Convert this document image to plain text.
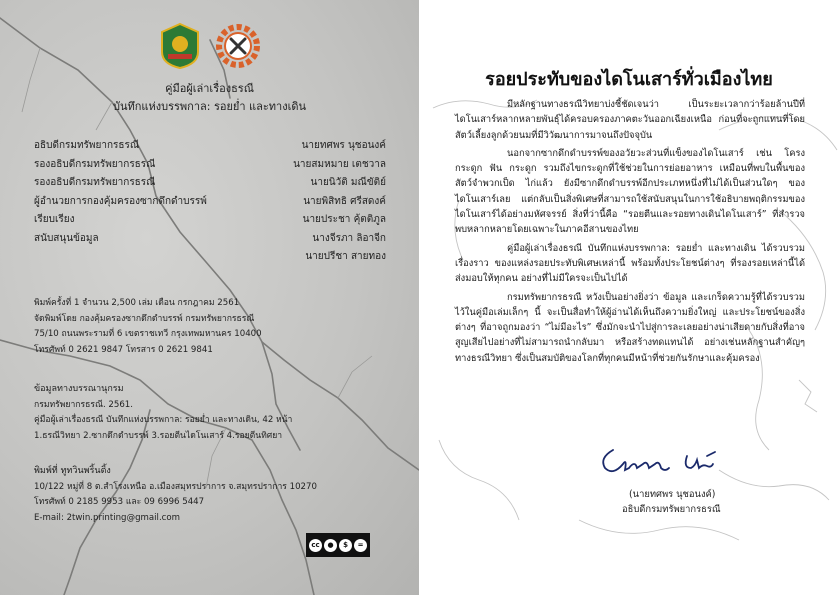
คู่มือผู้เล่าเรื่องธรณี
บันทึกแห่งบรรพกาล: รอยย่ำ และทางเดิน
อธิบดีกรมทรัพยากรธรณี	นายทศพร นุชอนงค์
รองอธิบดีกรมทรัพยากรธรณี	นายสมหมาย เตชวาล
รองอธิบดีกรมทรัพยากรธรณี	นายนิวัติ มณีขัติย์
ผู้อำนวยการกองคุ้มครองซากดึกดำบรรพ์	นายพิสิทธิ ศรีสดงค์
เรียบเรียง	นายประชา คุ้ตติภูล
สนับสนุนข้อมูล	นางจีรภา ลิอาจีก
นายปรีชา สายทอง
พิมพ์ครั้งที่ 1 จำนวน 2,500 เล่ม เดือน กรกฎาคม 2561
จัดพิมพ์โดย กองคุ้มครองซากดึกดำบรรพ์ กรมทรัพยากรธรณี
75/10 ถนนพระรามที่ 6 เขตราชเทวี กรุงเทพมหานคร 10400
โทรศัพท์ 0 2621 9847 โทรสาร 0 2621 9841
ข้อมูลทางบรรณานุกรม
กรมทรัพยากรธรณี. 2561.
คู่มือผู้เล่าเรื่องธรณี บันทึกแห่งบรรพกาล: รอยย่ำ และทางเดิน, 42 หน้า
1.ธรณีวิทยา 2.ซากดึกดำบรรพ์ 3.รอยตีนไดโนเสาร์ 4.รอยตีนทิศยา
พิมพ์ที่ ทูทวินพริ้นติ้ง
10/122 หมู่ที่ 8 ต.สำโรงเหนือ อ.เมืองสมุทรปราการ จ.สมุทรปราการ 10270
โทรศัพท์ 0 2185 9953 และ 09 6996 5447
E-mail: 2twin.printing@gmail.com
cc	●	$	=
รอยประทับของไดโนเสาร์ทั่วเมืองไทย

มีหลักฐานทางธรณีวิทยาบ่งชี้ชัดเจนว่า เป็นระยะเวลากว่าร้อยล้านปีที่ไดโนเสาร์หลากหลายพันธุ์ได้ครอบครองภาคตะวันออกเฉียงเหนือ ก่อนที่จะถูกแทนที่โดยสัตว์เลี้ยงลูกด้วยนมที่มีวิวัฒนาการมาจนถึงปัจจุบัน

นอกจากซากดึกดำบรรพ์ของอวัยวะส่วนที่แข็งของไดโนเสาร์ เช่น โครงกระดูก ฟัน กระดูก รวมถึงไขกระดูกที่ใช้ช่วยในการย่อยอาหาร เหมือนที่พบในพื้นของสัตว์จำพวกเป็ด ไก่แล้ว ยังมีซากดึกดำบรรพ์อีกประเภทหนึ่งที่ไม่ได้เป็นส่วนใดๆ ของไดโนเสาร์เลย แต่กลับเป็นสิ่งพิเศษที่สามารถใช้สนับสนุนในการใช้อธิบายพฤติกรรมของไดโนเสาร์ได้อย่างมหัศจรรย์ สิ่งที่ว่านี้คือ “รอยตีนและรอยทางเดินไดโนเสาร์” ที่สำรวจพบหลากหลายโดยเฉพาะในภาคอีสานของไทย

คู่มือผู้เล่าเรื่องธรณี บันทึกแห่งบรรพกาล: รอยย่ำ และทางเดิน ได้รวบรวมเรื่องราว ของแหล่งรอยประทับพิเศษเหล่านี้ พร้อมทั้งประโยชน์ต่างๆ ที่รองรอยเหล่านี้ได้ส่งมอบให้ทุกคน อย่างที่ไม่มีใครจะเป็นไปได้

กรมทรัพยากรธรณี หวังเป็นอย่างยิ่งว่า ข้อมูล และเกร็ดความรู้ที่ได้รวบรวมไว้ในคู่มือเล่มเล็กๆ นี้ จะเป็นสื่อทำให้ผู้อ่านได้เห็นถึงความยิ่งใหญ่ และประโยชน์ของสิ่งต่างๆ ที่อาจถูกมองว่า “ไม่มีอะไร” ซึ่งมักจะนำไปสู่การละเลยอย่างน่าเสียดายกับสิ่งที่อาจสูญเสียไปอย่างที่ไม่สามารถนำกลับมา หรือสร้างทดแทนได้ อย่างเช่นหลักฐานสำคัญๆ ทางธรณีวิทยา ซึ่งเป็นสมบัติของโลกที่ทุกคนมีหน้าที่ช่วยกันรักษาและคุ้มครอง

(นายทศพร นุชอนงค์)
อธิบดีกรมทรัพยากรธรณี
